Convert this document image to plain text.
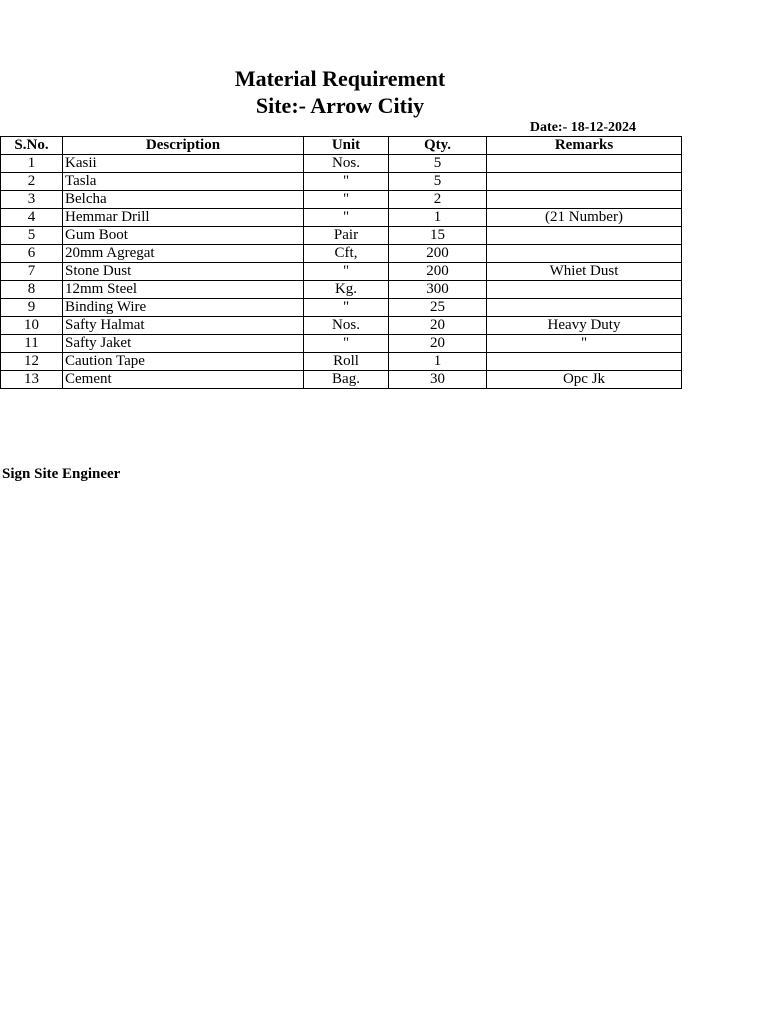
Material Requirement
Site:- Arrow Citiy
Date:- 18-12-2024
S.No.	Description	Unit	Qty.	Remarks
1	Kasii	Nos.	5	
2	Tasla	"	5	
3	Belcha	"	2	
4	Hemmar Drill	"	1	(21 Number)
5	Gum Boot	Pair	15	
6	20mm Agregat	Cft,	200	
7	Stone Dust	"	200	Whiet Dust
8	12mm Steel	Kg.	300	
9	Binding Wire	"	25	
10	Safty Halmat	Nos.	20	Heavy Duty
11	Safty Jaket	"	20	"
12	Caution Tape	Roll	1	
13	Cement	Bag.	30	Opc Jk
Sign Site Engineer
